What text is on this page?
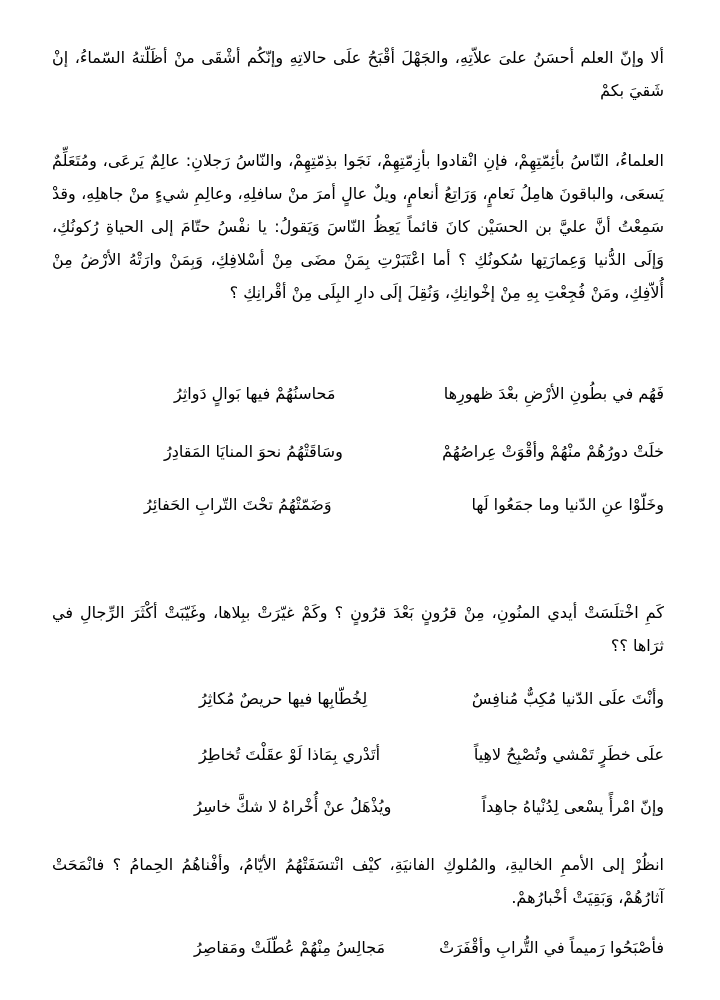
ألا وإنّ العلم أحسَنُ علىَ علاّتِهِ، والجَهْلَ أقْبَحُ علَى حالاتِهِ وإنّكُم أشْقَى منْ أظَلّتهُ السّماءُ، إنْ شَقيَ بكمْ

العلماءُ، النّاسُ بأئِمّتِهِمْ، فإنِ انْقادوا بأزِمّتِهِمْ، نَجَوا بذِمّتِهِمْ، والنّاسُ رَجلانِ: عالِمٌ يَرعَى، ومُتَعَلِّمٌ يَسعَى، والباقونَ هامِلُ نَعامٍ، وَرَاتِعُ أنعامٍ، ويلٌ عالٍ أمرَ منْ سافلِهِ، وعالِمِ شيءٍ منْ جاهلِهِ، وقدْ سَمِعْتُ أنَّ عليَّ بن الحسَيْن كانَ قائماً يَعِظُ النّاسَ وَيَقولُ: يا نفْسُ حتّامَ إلى الحياةِ رُكونُكِ، وَإلَى الدُّنيا وَعِمارَتِها سُكونُكِ ؟ أما اعْتَبَرْتِ بِمَنْ مضَى مِنْ أسْلافِكِ، وَبِمَنْ وارَتْهُ الأرْضُ مِنْ أُلاّفِكِ، ومَنْ فُجِعْتِ بِهِ مِنْ إخْوانِكِ، وَنُقِلَ إلَى دارِ البِلَى مِنْ أقْرانِكِ ؟

فَهُم في بطُونِ الأرْضِ بعْدَ ظهورِها
مَحاسنُهُمْ فيها بَوالٍ دَواثِرُ
خلَتْ دورُهُمْ منْهُمْ وأقْوَتْ عِراصُهُمْ
وسَاقَتْهُمُ نحوَ المنايَا المَقادِرُ
وخَلّوْا عنِ الدّنيا وما جمَعُوا لَها
وَضَمّتْهُمُ تحْتَ التّرابِ الحَفائِرُ

كَمِ اخْتلَسَتْ أيدي المنُونِ، مِنْ قرُونٍ بَعْدَ قرُونٍ ؟ وكَمْ غيّرَتْ ببِلاها، وغَيّبَتْ أكْثَرَ الرِّجالِ في ثرَاها ؟؟

وأنْتَ علَى الدّنيا مُكِبٌّ مُنافِسٌ
لِخُطّابِها فيها حريصٌ مُكاثِرُ
علَى خطَرٍ تَمْشي وتُصْبِحُ لاهِياً
أتَدْري بِمَاذا لَوْ عقَلْتَ تُخاطِرُ
وإنّ امْرأً يسْعى لِدُنْياهُ جاهِداً
ويُذْهَلُ عنْ أُخْراهُ لا شكَّ خاسِرُ

انظُرْ إلى الأممِ الخاليةِ، والمُلوكِ الفانيَةِ، كيْف انْتسَفَتْهُمُ الأيّامُ، وأفْناهُمُ الحِمامُ ؟ فانْمَحَتْ آثارُهُمْ، وَبَقِيَتْ أخْبارُهمْ.

فأصْبَحُوا رَميماً في التُّرابِ وأقْفَرَتْ
مَجالِسُ مِنْهُمْ عُطّلَتْ ومَقاصِرُ
